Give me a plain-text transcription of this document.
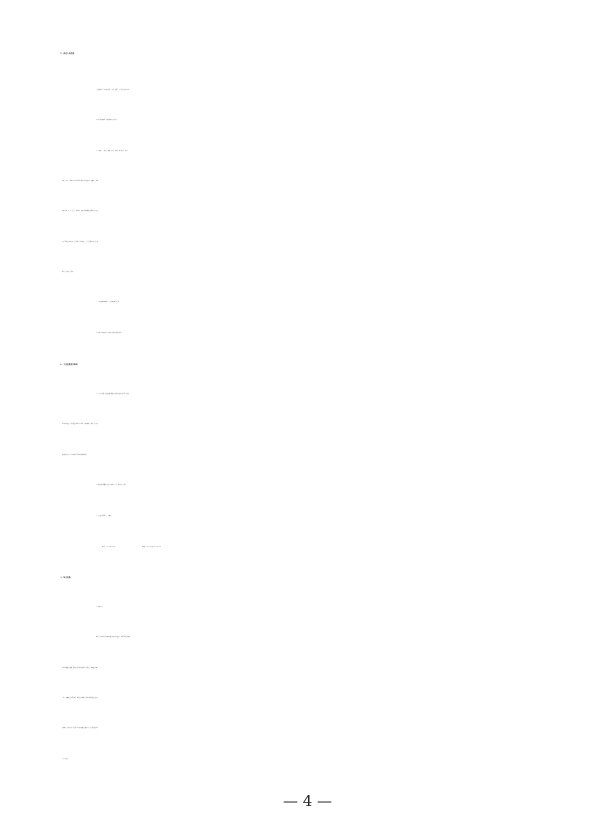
六、参会人员范围：
1. 国家相关产业机构领导、央企、国企、大中型民营企业等；
2. 相关科研院所、高校的院士及专家；
3. 石油化工、煤炭、钢铁、电力、船舶、航空航天、港口、
水泥、电子、机械行业等央企单位科技与信息化部、智能化、数字
化相关部门、生产运行、机动部、设备管理和维修管理部门负责人，
大中型制造业董事长、总经理、企业高管，生产管理技术负责人及
相关专业技术人员等；
4. 工业领域科研院所、大专院校相关人员；
5. 设备产品制造商、信息技术服务商集成商等。
七、大会征集发言事项：
1. 为了充分展示交流智能运维技术和信息化技术成果，促进
企业科技进步，特向国内外企事业单位、科研院所、高校、技术与
设备服务商 IT 企业等相关单位征集演讲报告。
2. 演讲议题要围绕会议内容撰写 PPT，时间 20 分钟。
3. 大会发言联系人：王建来
电 话：010-68515228	邮箱：zgjxgylhh@vip.126.com
八、论文征集：
1. 征集方式：
本次大会采用征文和邀约参会两种方式参会，请各单位接到通
知后积极参与投稿，围绕会议议题认真撰写并提交，做好参会相关
工作，投稿论文不要涉密，组委会将组织专家对征集的论文进行评
选审核，汇编入选《中国工业设备智能运维技术大会》论文集并在
大会上发行。
— 4 —
